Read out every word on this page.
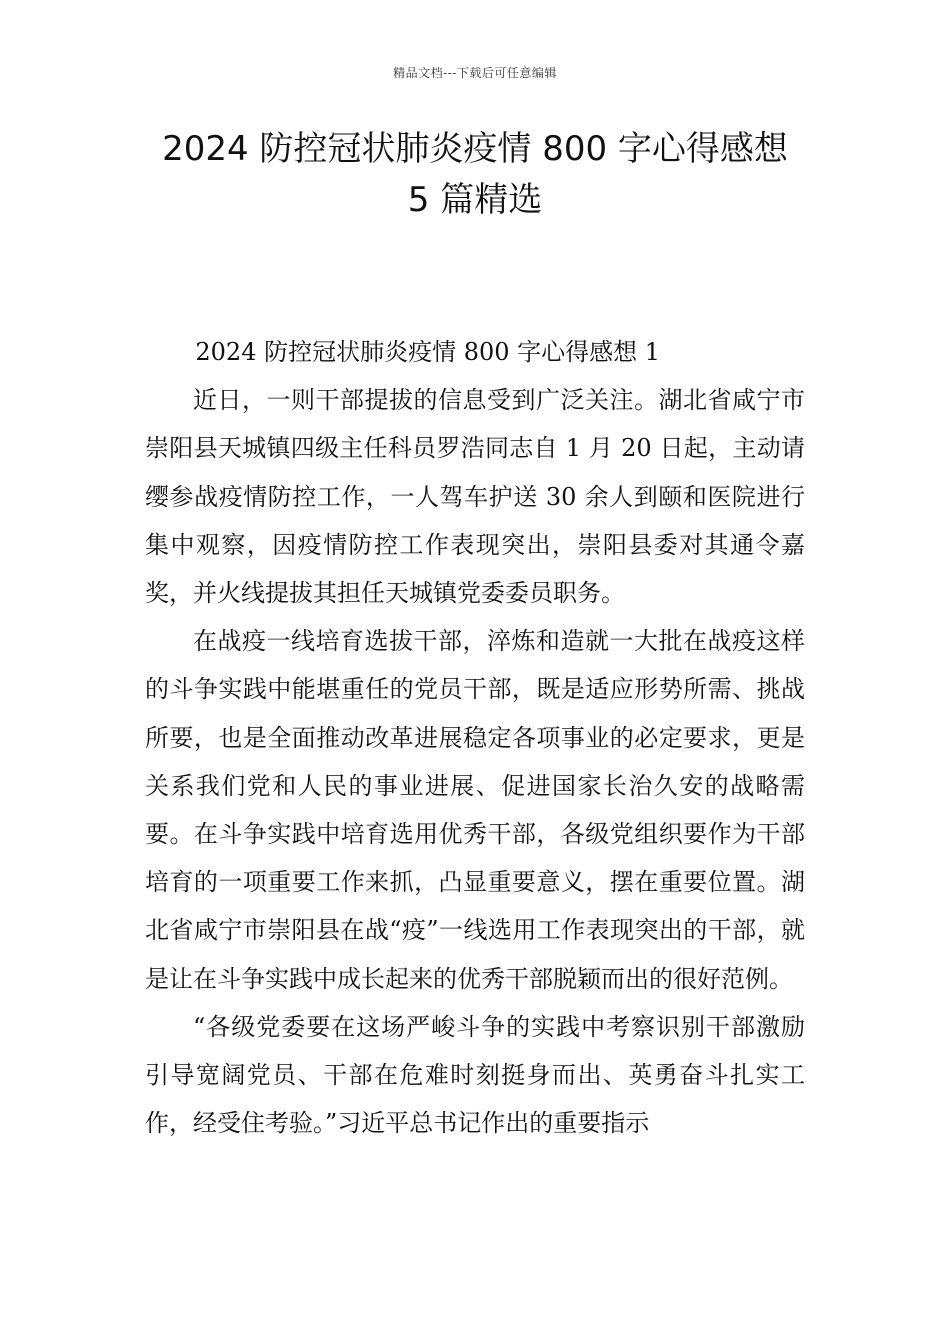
精品文档---下载后可任意编辑
2024 防控冠状肺炎疫情 800 字心得感想
5 篇精选

2024 防控冠状肺炎疫情 800 字心得感想 1

近日，一则干部提拔的信息受到广泛关注。湖北省咸宁市崇阳县天城镇四级主任科员罗浩同志自 1 月 20 日起，主动请缨参战疫情防控工作，一人驾车护送 30 余人到颐和医院进行集中观察，因疫情防控工作表现突出，崇阳县委对其通令嘉奖，并火线提拔其担任天城镇党委委员职务。

在战疫一线培育选拔干部，淬炼和造就一大批在战疫这样的斗争实践中能堪重任的党员干部，既是适应形势所需、挑战所要，也是全面推动改革进展稳定各项事业的必定要求，更是关系我们党和人民的事业进展、促进国家长治久安的战略需要。在斗争实践中培育选用优秀干部，各级党组织要作为干部培育的一项重要工作来抓，凸显重要意义，摆在重要位置。湖北省咸宁市崇阳县在战“疫”一线选用工作表现突出的干部，就是让在斗争实践中成长起来的优秀干部脱颖而出的很好范例。

“各级党委要在这场严峻斗争的实践中考察识别干部激励引导宽阔党员、干部在危难时刻挺身而出、英勇奋斗扎实工作，经受住考验。”习近平总书记作出的重要指示
